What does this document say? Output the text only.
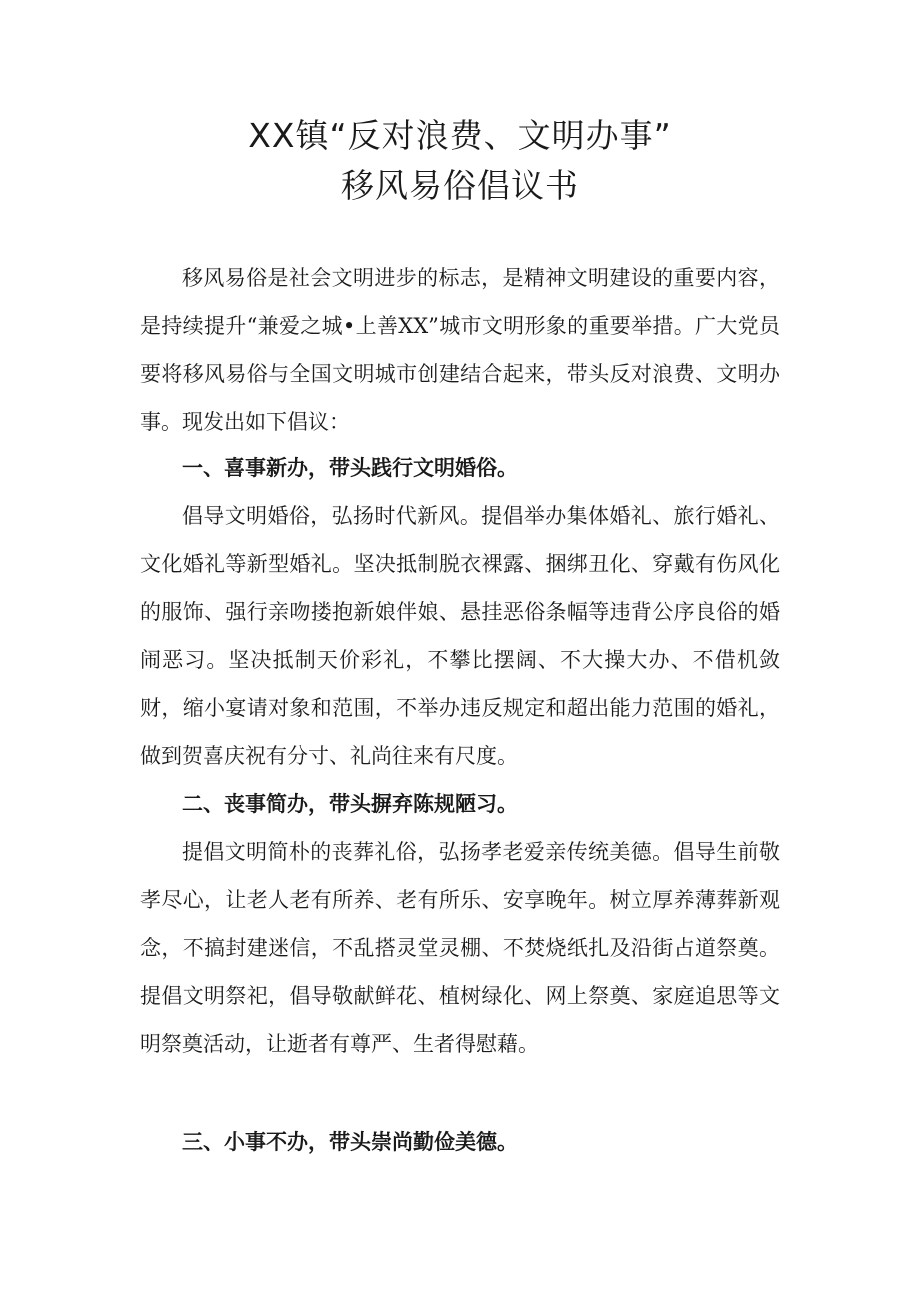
XX镇“反对浪费、文明办事”
移风易俗倡议书

移风易俗是社会文明进步的标志，是精神文明建设的重要内容，是持续提升“兼爱之城•上善XX”城市文明形象的重要举措。广大党员要将移风易俗与全国文明城市创建结合起来，带头反对浪费、文明办事。现发出如下倡议：

一、喜事新办，带头践行文明婚俗。

倡导文明婚俗，弘扬时代新风。提倡举办集体婚礼、旅行婚礼、文化婚礼等新型婚礼。坚决抵制脱衣裸露、捆绑丑化、穿戴有伤风化的服饰、强行亲吻搂抱新娘伴娘、悬挂恶俗条幅等违背公序良俗的婚闹恶习。坚决抵制天价彩礼，不攀比摆阔、不大操大办、不借机敛财，缩小宴请对象和范围，不举办违反规定和超出能力范围的婚礼，做到贺喜庆祝有分寸、礼尚往来有尺度。

二、丧事简办，带头摒弃陈规陋习。

提倡文明简朴的丧葬礼俗，弘扬孝老爱亲传统美德。倡导生前敬孝尽心，让老人老有所养、老有所乐、安享晚年。树立厚养薄葬新观念，不搞封建迷信，不乱搭灵堂灵棚、不焚烧纸扎及沿街占道祭奠。提倡文明祭祀，倡导敬献鲜花、植树绿化、网上祭奠、家庭追思等文明祭奠活动，让逝者有尊严、生者得慰藉。

三、小事不办，带头崇尚勤俭美德。
